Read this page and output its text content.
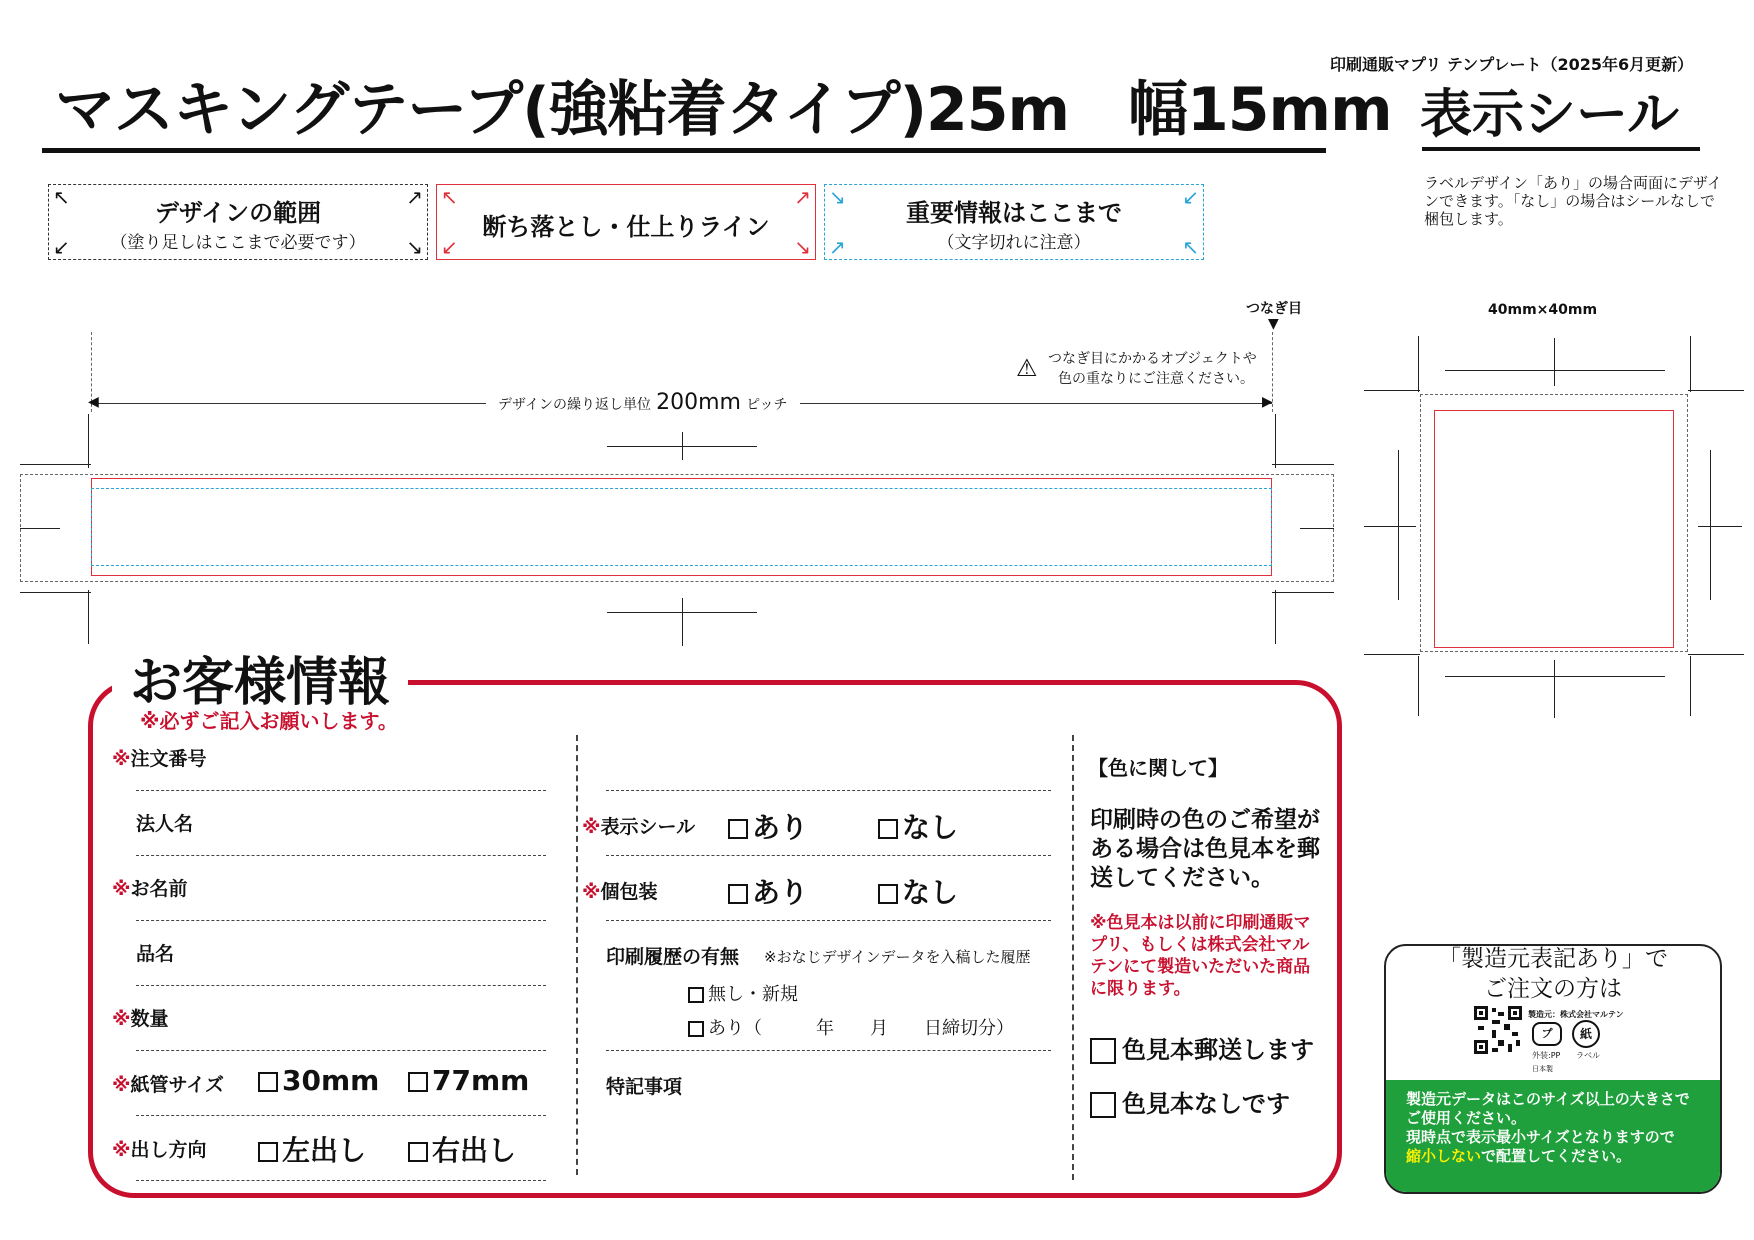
マスキングテープ(強粘着タイプ)25m　幅15mm
印刷通販マプリ テンプレート（2025年6月更新）
表示シール
ラベルデザイン「あり」の場合両面にデザインできます。「なし」の場合はシールなしで梱包します。
↖	↗
↙	↘
デザインの範囲
（塗り足しはここまで必要です）
↖	↗
↙	↘
断ち落とし・仕上りライン
↘	↙
↗	↖
重要情報はここまで
（文字切れに注意）
つなぎ目
▼
⚠ つなぎ目にかかるオブジェクトや
色の重なりにご注意ください。
◀	▶
デザインの繰り返し単位 200mm ピッチ
40mm×40mm
お客様情報
※必ずご記入お願いします。
※注文番号
法人名
※お名前
品名
※数量
※紙管サイズ	30mm	77mm
※出し方向	左出し	右出し
※表示シール	あり	なし
※個包装	あり	なし
印刷履歴の有無 ※おなじデザインデータを入稿した履歴
無し・新規
あり（　　　年　　月　　日締切分）
特記事項
【色に関して】
印刷時の色のご希望がある場合は色見本を郵送してください。
※色見本は以前に印刷通販マプリ、もしくは株式会社マルテンにて製造いただいた商品に限ります。
色見本郵送します
色見本なしです
「製造元表記あり」で
ご注文の方は
製造元：株式会社マルテン
プ	紙
外装:PP ラベル
日本製
製造元データはこのサイズ以上の大きさでご使用ください。
現時点で表示最小サイズとなりますので
縮小しないで配置してください。
